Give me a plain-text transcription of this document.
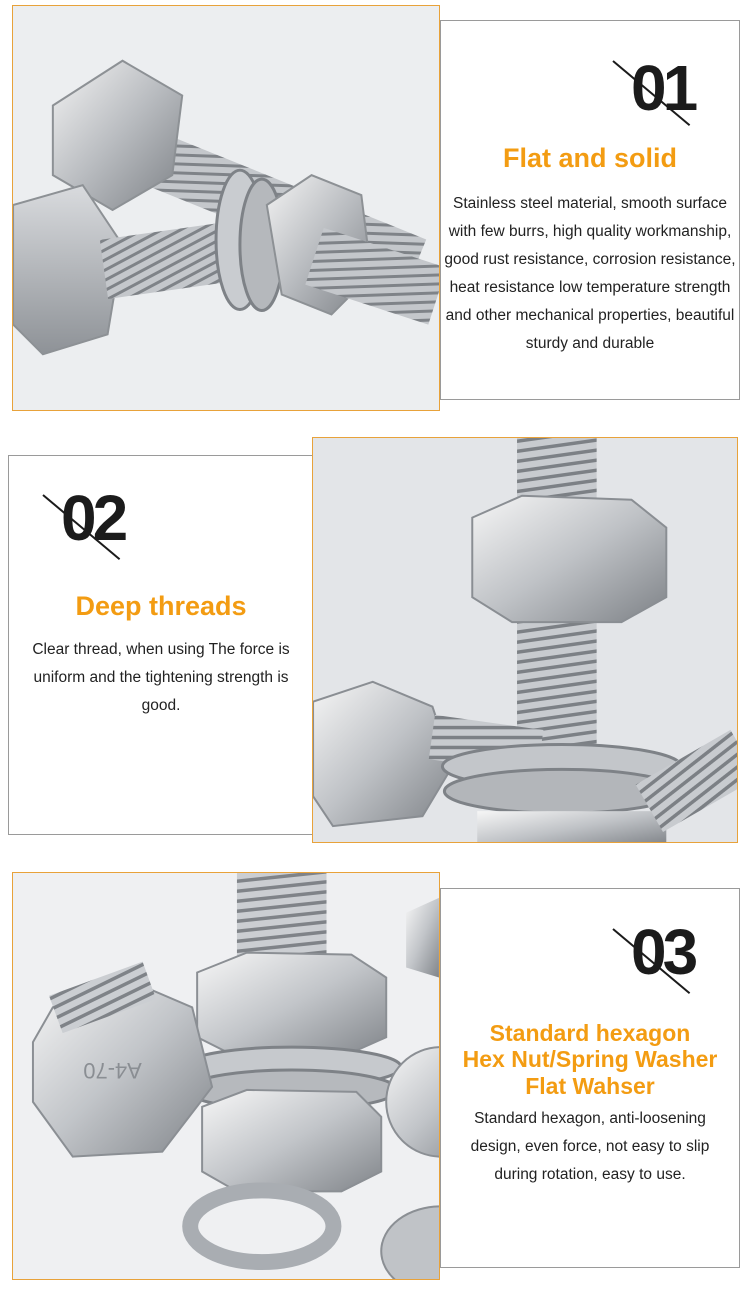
01

Flat and solid

Stainless steel material, smooth surface with few burrs, high quality workmanship, good rust resistance, corrosion resistance, heat resistance low temperature strength and other mechanical properties, beautiful sturdy and durable

02

Deep threads

Clear thread, when using The force is uniform and the tightening strength is good.

A4-70
03

Standard hexagon

Hex Nut/Spring Washer

Flat Wahser

Standard hexagon, anti-loosening design, even force, not easy to slip during rotation, easy to use.
